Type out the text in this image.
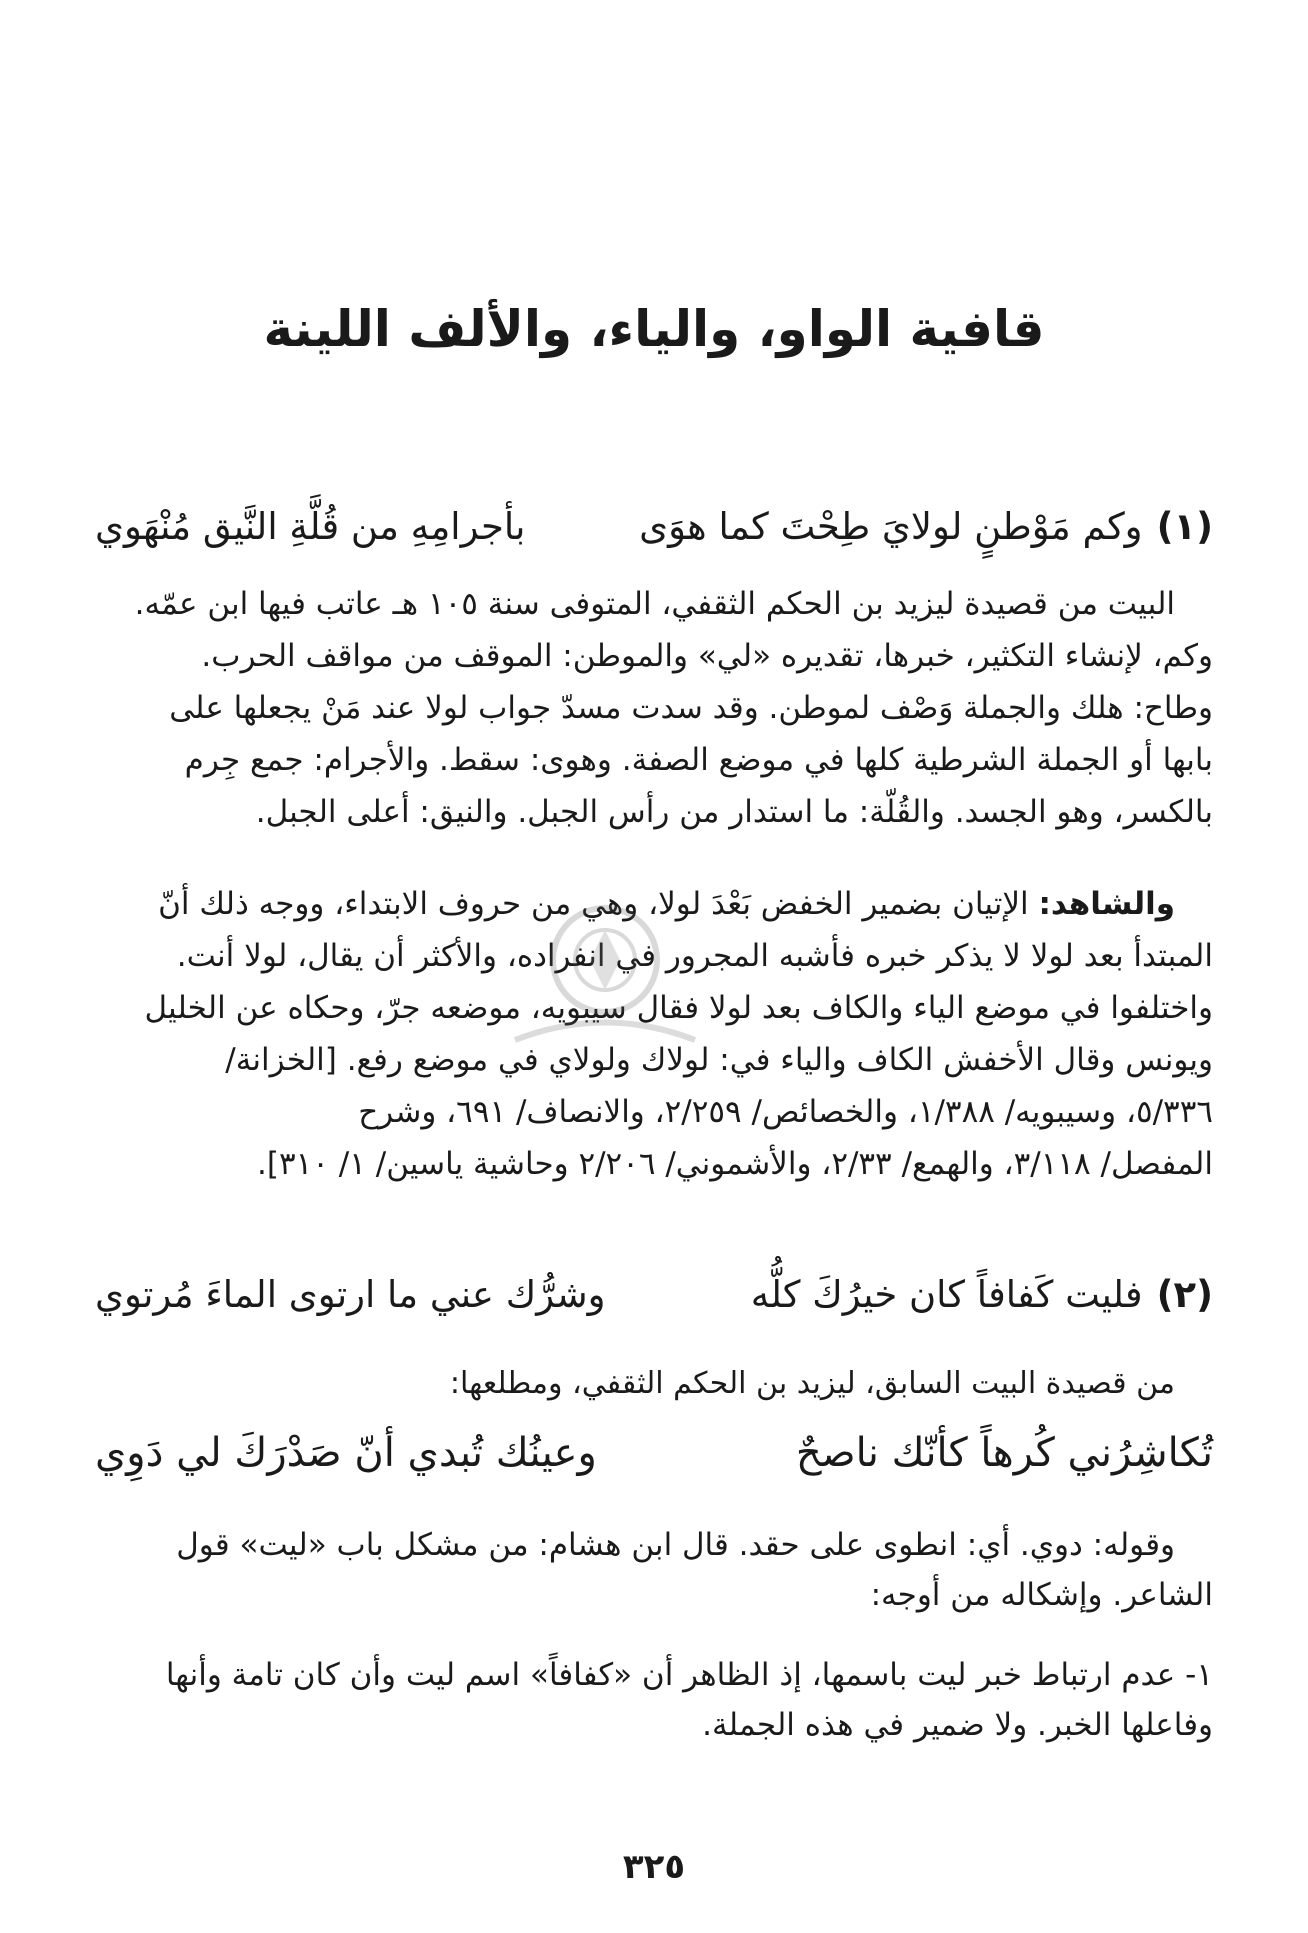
قافية الواو، والياء، والألف اللينة
(١)
وكم مَوْطنٍ لولايَ طِحْتَ كما هوَى
بأجرامِهِ من قُلَّةِ النَّيق مُنْهَوي

البيت من قصيدة ليزيد بن الحكم الثقفي، المتوفى سنة ١٠٥ هـ عاتب فيها ابن عمّه.

وكم، لإنشاء التكثير، خبرها، تقديره «لي» والموطن: الموقف من مواقف الحرب.

وطاح: هلك والجملة وَصْف لموطن. وقد سدت مسدّ جواب لولا عند مَنْ يجعلها على

بابها أو الجملة الشرطية كلها في موضع الصفة. وهوى: سقط. والأجرام: جمع جِرم

بالكسر، وهو الجسد. والقُلّة: ما استدار من رأس الجبل. والنيق: أعلى الجبل.

والشاهد: الإتيان بضمير الخفض بَعْدَ لولا، وهي من حروف الابتداء، ووجه ذلك أنّ

المبتدأ بعد لولا لا يذكر خبره فأشبه المجرور في انفراده، والأكثر أن يقال، لولا أنت.

واختلفوا في موضع الياء والكاف بعد لولا فقال سيبويه، موضعه جرّ، وحكاه عن الخليل

ويونس وقال الأخفش الكاف والياء في: لولاك ولولاي في موضع رفع. [الخزانة/

٥/٣٣٦، وسيبويه/ ١/٣٨٨، والخصائص/ ٢/٢٥٩، والانصاف/ ٦٩١، وشرح

المفصل/ ٣/١١٨، والهمع/ ٢/٣٣، والأشموني/ ٢/٢٠٦ وحاشية ياسين/ ١/ ٣١٠].

(٢)
فليت كَفافاً كان خيرُكَ كلُّه
وشرُّك عني ما ارتوى الماءَ مُرتوي
من قصيدة البيت السابق، ليزيد بن الحكم الثقفي، ومطلعها:
تُكاشِرُني كُرهاً كأنّك ناصحٌ
وعينُك تُبدي أنّ صَدْرَكَ لي دَوِي

وقوله: دوي. أي: انطوى على حقد. قال ابن هشام: من مشكل باب «ليت» قول

الشاعر. وإشكاله من أوجه:

١- عدم ارتباط خبر ليت باسمها، إذ الظاهر أن «كفافاً» اسم ليت وأن كان تامة وأنها

وفاعلها الخبر. ولا ضمير في هذه الجملة.

٣٢٥
